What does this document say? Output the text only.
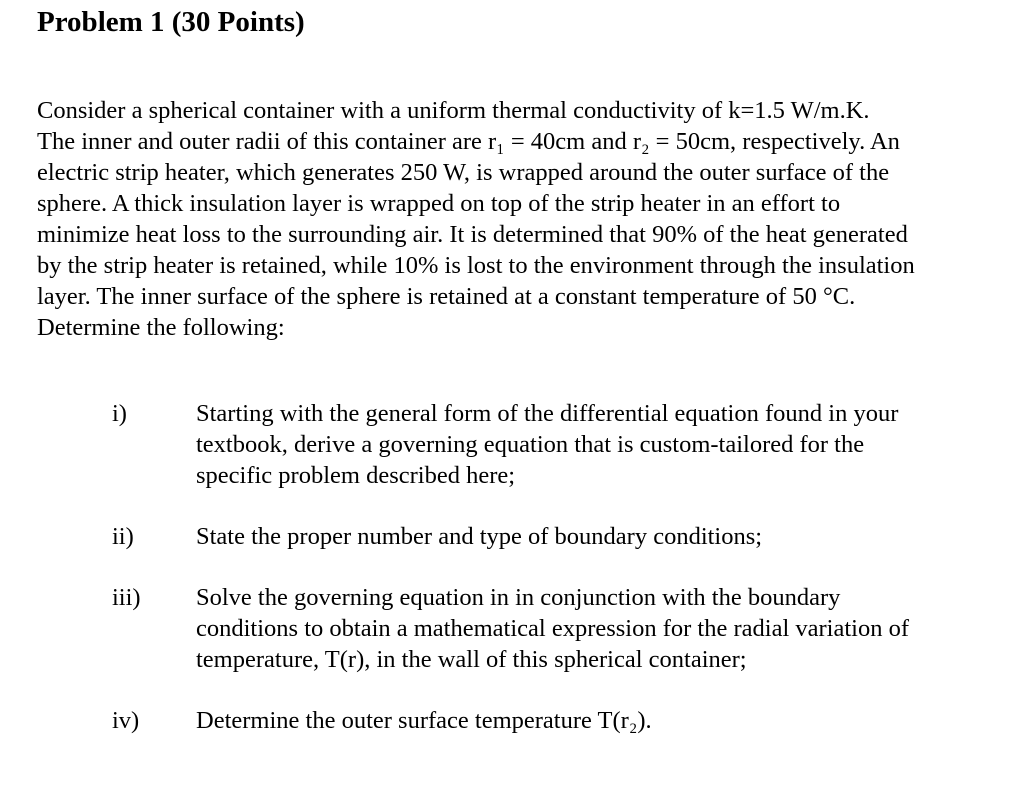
Problem 1 (30 Points)
Consider a spherical container with a uniform thermal conductivity of k=1.5 W/m.K.
The inner and outer radii of this container are r₁ = 40cm and r₂ = 50cm, respectively. An
electric strip heater, which generates 250 W, is wrapped around the outer surface of the
sphere. A thick insulation layer is wrapped on top of the strip heater in an effort to
minimize heat loss to the surrounding air. It is determined that 90% of the heat generated
by the strip heater is retained, while 10% is lost to the environment through the insulation
layer. The inner surface of the sphere is retained at a constant temperature of 50 °C.
Determine the following:
i)	Starting with the general form of the differential equation found in your
textbook, derive a governing equation that is custom-tailored for the
specific problem described here;
ii)	State the proper number and type of boundary conditions;
iii) Solve the governing equation in in conjunction with the boundary
conditions to obtain a mathematical expression for the radial variation of
temperature, T(r), in the wall of this spherical container;
iv) Determine the outer surface temperature T(r₂).
